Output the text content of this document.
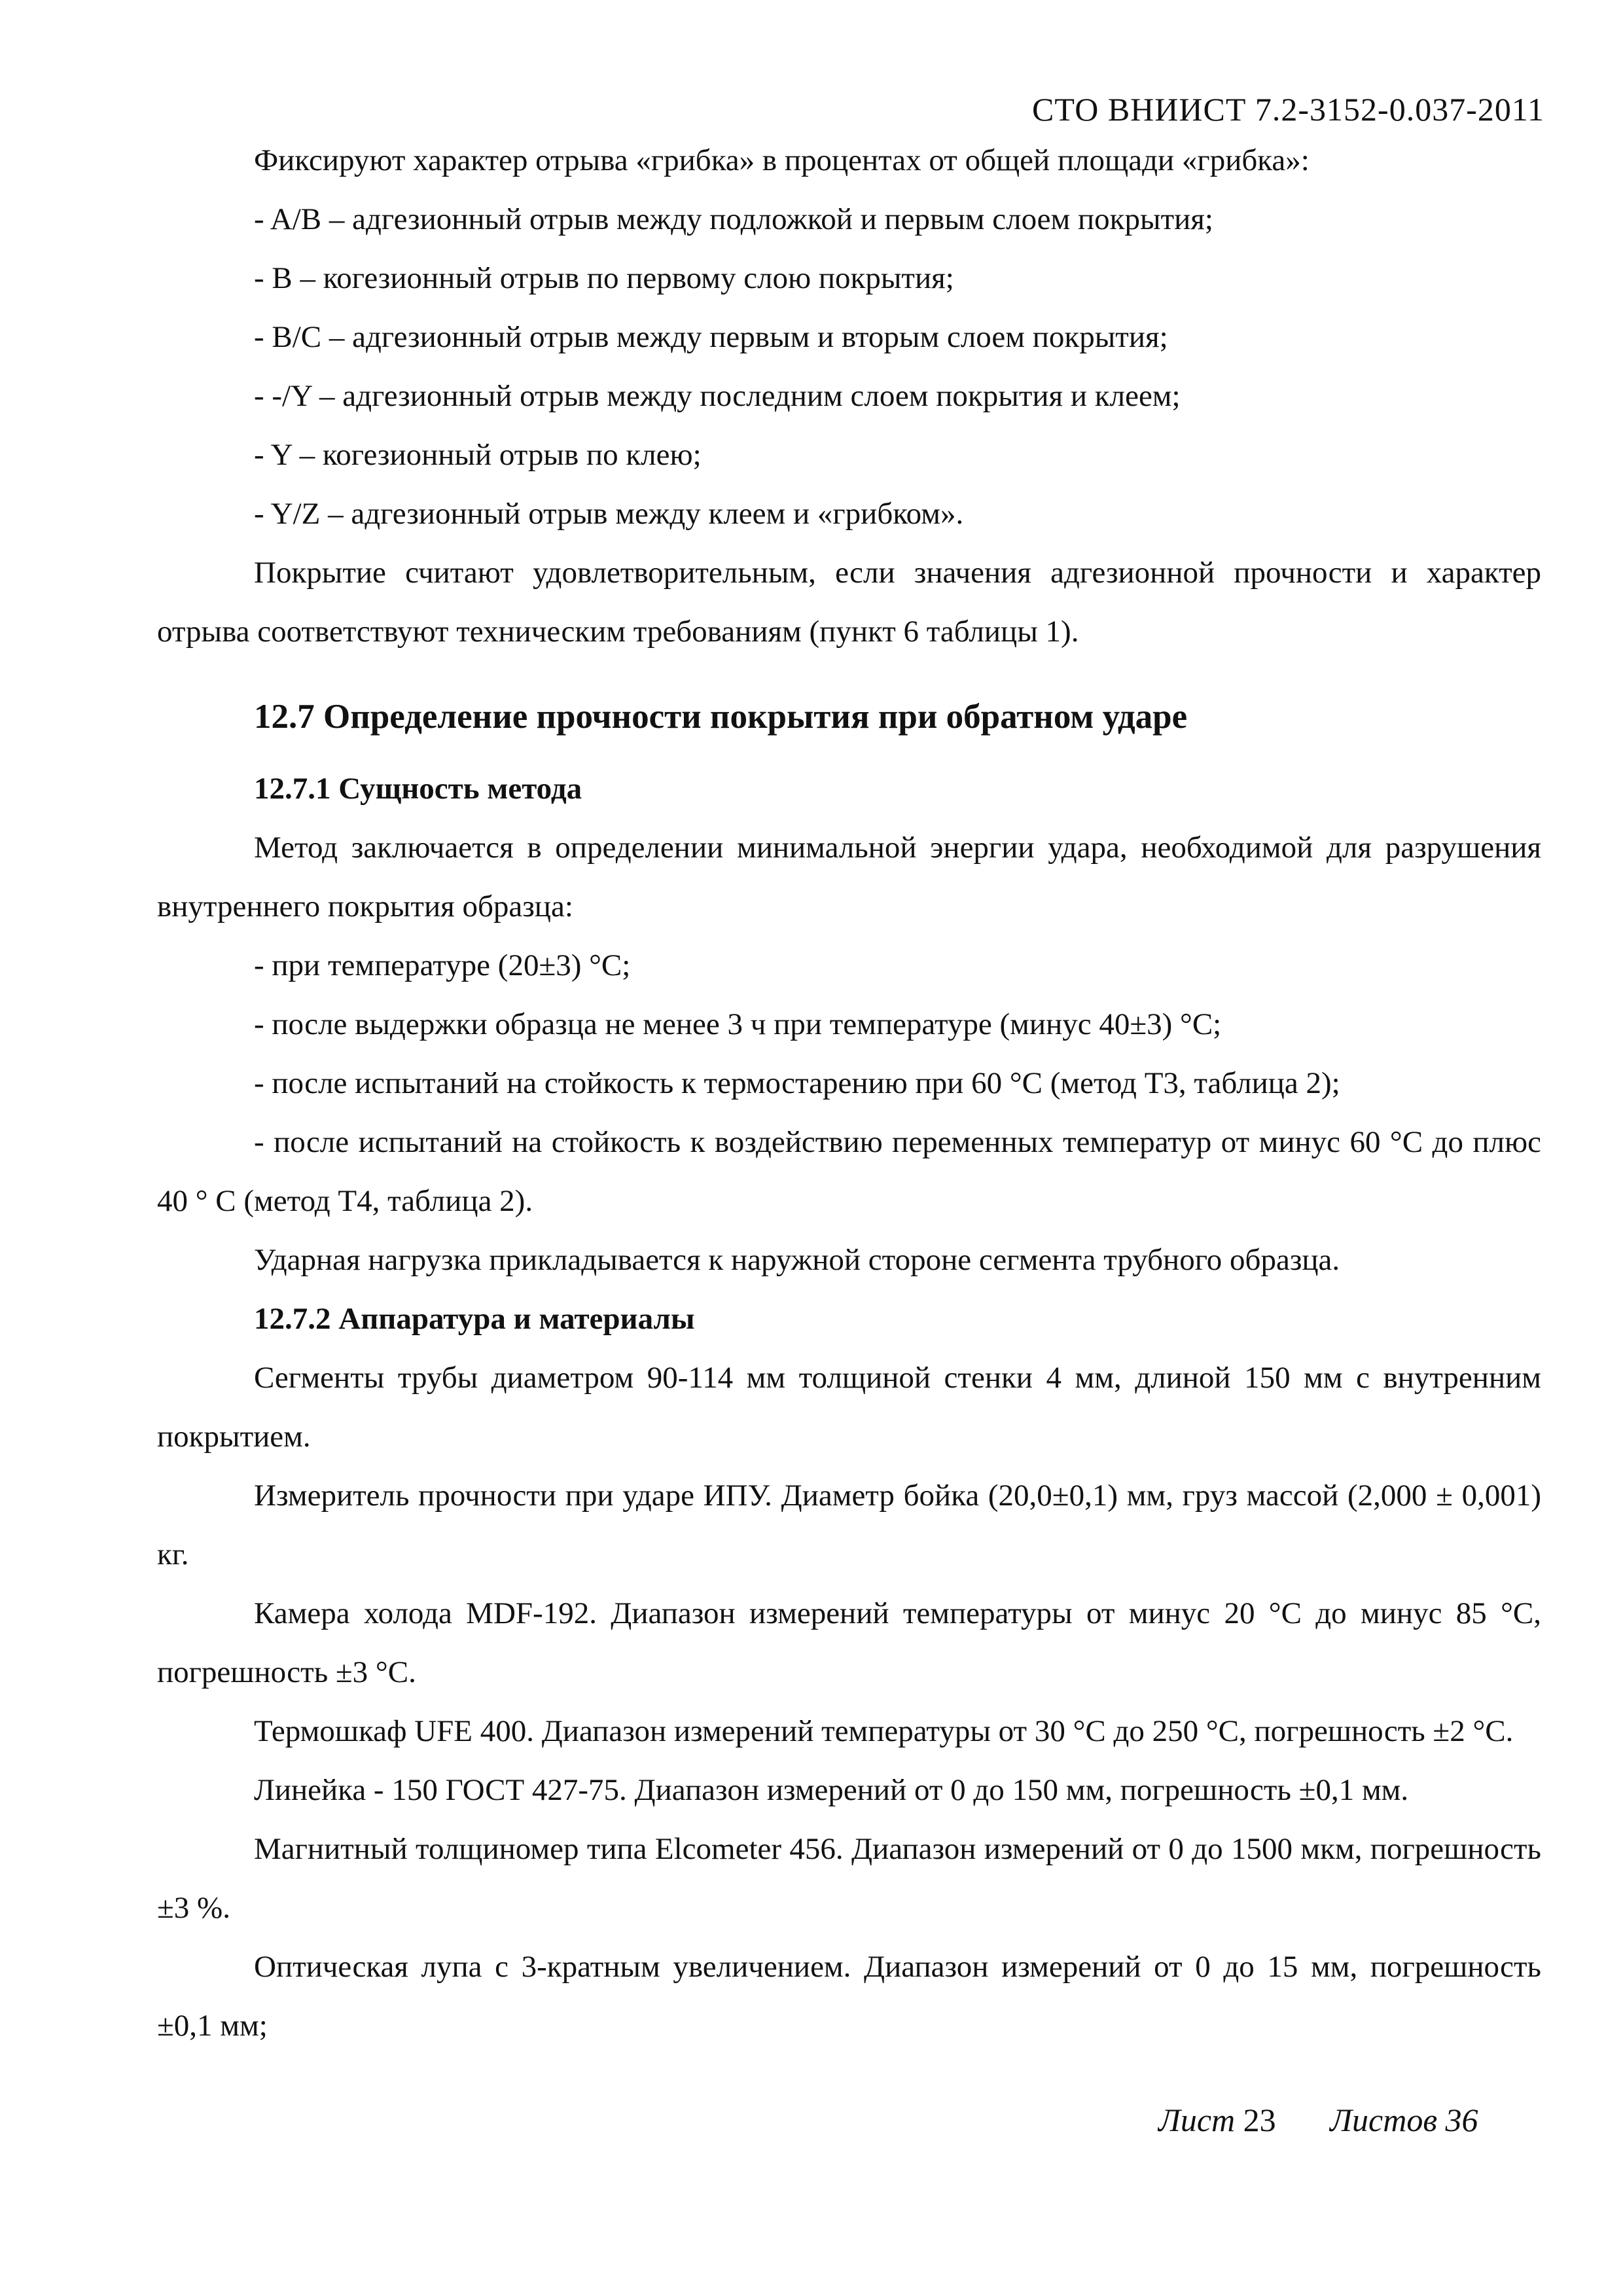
СТО ВНИИСТ 7.2-3152-0.037-2011

Фиксируют характер отрыва «грибка» в процентах от общей площади «грибка»:

- A/B – адгезионный отрыв между подложкой и первым слоем покрытия;

- B – когезионный отрыв по первому слою покрытия;

- B/C – адгезионный отрыв между первым и вторым слоем покрытия;

- -/Y – адгезионный отрыв между последним слоем покрытия и клеем;

- Y – когезионный отрыв по клею;

- Y/Z – адгезионный отрыв между клеем и «грибком».

Покрытие считают удовлетворительным, если значения адгезионной прочности и характер отрыва соответствуют техническим требованиям (пункт 6 таблицы 1).

12.7 Определение прочности покрытия при обратном ударе
12.7.1 Сущность метода

Метод заключается в определении минимальной энергии удара, необходимой для разрушения внутреннего покрытия образца:

- при температуре (20±3) °С;

- после выдержки образца не менее 3 ч при температуре (минус 40±3) °С;

- после испытаний на стойкость к термостарению при 60 °С (метод Т3, таблица 2);

- после испытаний на стойкость к воздействию переменных температур от минус 60 °С до плюс 40 ° С (метод Т4, таблица 2).

Ударная нагрузка прикладывается к наружной стороне сегмента трубного образца.

12.7.2 Аппаратура и материалы

Сегменты трубы диаметром 90-114 мм толщиной стенки 4 мм, длиной 150 мм с внутренним покрытием.

Измеритель прочности при ударе ИПУ. Диаметр бойка (20,0±0,1) мм, груз массой (2,000 ± 0,001) кг.

Камера холода MDF-192. Диапазон измерений температуры от минус 20 °С до минус 85 °С, погрешность ±3 °С.

Термошкаф UFE 400. Диапазон измерений температуры от 30 °С до 250 °С, погрешность ±2 °С.

Линейка - 150 ГОСТ 427-75. Диапазон измерений от 0 до 150 мм, погрешность ±0,1 мм.

Магнитный толщиномер типа Elcometer 456. Диапазон измерений от 0 до 1500 мкм, погрешность ±3 %.

Оптическая лупа с 3-кратным увеличением. Диапазон измерений от 0 до 15 мм, погрешность ±0,1 мм;

Лист 23 Листов 36
